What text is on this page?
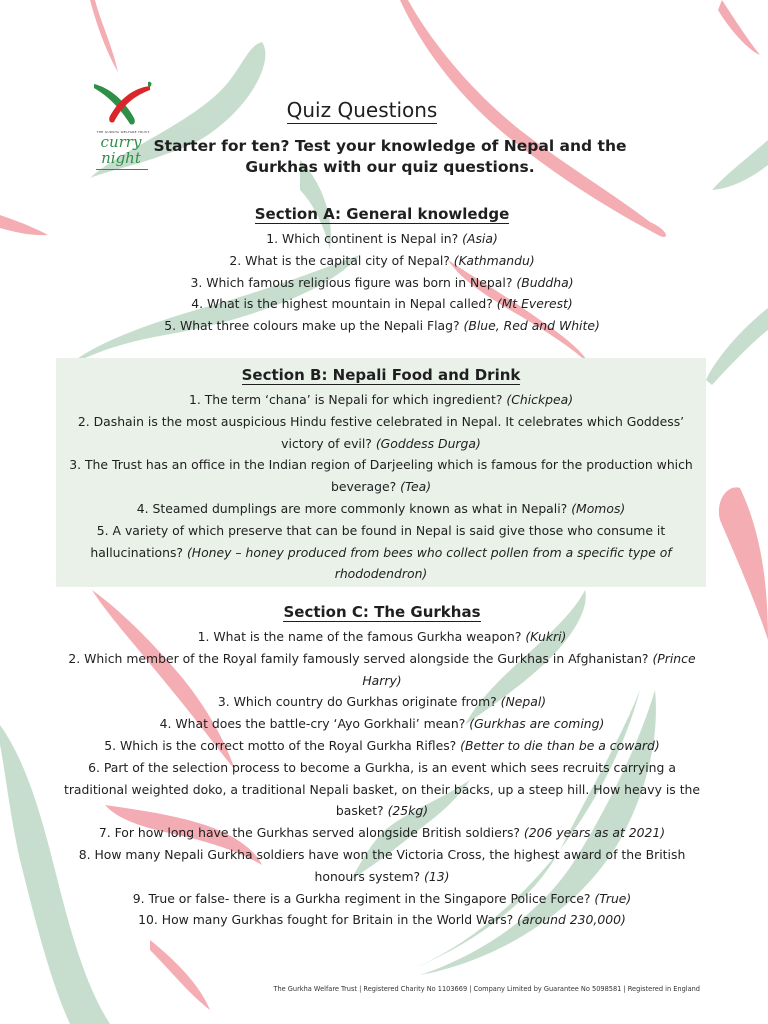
THE GURKHA WELFARE TRUST
curry
night
Quiz Questions
Starter for ten? Test your knowledge of Nepal and the Gurkhas with our quiz questions.
Section A: General knowledge
1. Which continent is Nepal in? (Asia)
2. What is the capital city of Nepal? (Kathmandu)
3. Which famous religious figure was born in Nepal? (Buddha)
4. What is the highest mountain in Nepal called? (Mt Everest)
5. What three colours make up the Nepali Flag? (Blue, Red and White)
Section B: Nepali Food and Drink
1. The term ‘chana’ is Nepali for which ingredient? (Chickpea)
2. Dashain is the most auspicious Hindu festive celebrated in Nepal. It celebrates which Goddess’ victory of evil? (Goddess Durga)
3. The Trust has an office in the Indian region of Darjeeling which is famous for the production which beverage? (Tea)
4. Steamed dumplings are more commonly known as what in Nepali? (Momos)
5. A variety of which preserve that can be found in Nepal is said give those who consume it hallucinations? (Honey – honey produced from bees who collect pollen from a specific type of rhododendron)
Section C: The Gurkhas
1. What is the name of the famous Gurkha weapon? (Kukri)
2. Which member of the Royal family famously served alongside the Gurkhas in Afghanistan? (Prince Harry)
3. Which country do Gurkhas originate from? (Nepal)
4. What does the battle-cry ‘Ayo Gorkhali’ mean? (Gurkhas are coming)
5. Which is the correct motto of the Royal Gurkha Rifles? (Better to die than be a coward)
6. Part of the selection process to become a Gurkha, is an event which sees recruits carrying a traditional weighted doko, a traditional Nepali basket, on their backs, up a steep hill. How heavy is the basket? (25kg)
7. For how long have the Gurkhas served alongside British soldiers? (206 years as at 2021)
8. How many Nepali Gurkha soldiers have won the Victoria Cross, the highest award of the British honours system? (13)
9. True or false- there is a Gurkha regiment in the Singapore Police Force? (True)
10. How many Gurkhas fought for Britain in the World Wars? (around 230,000)
The Gurkha Welfare Trust | Registered Charity No 1103669 | Company Limited by Guarantee No 5098581 | Registered in England
